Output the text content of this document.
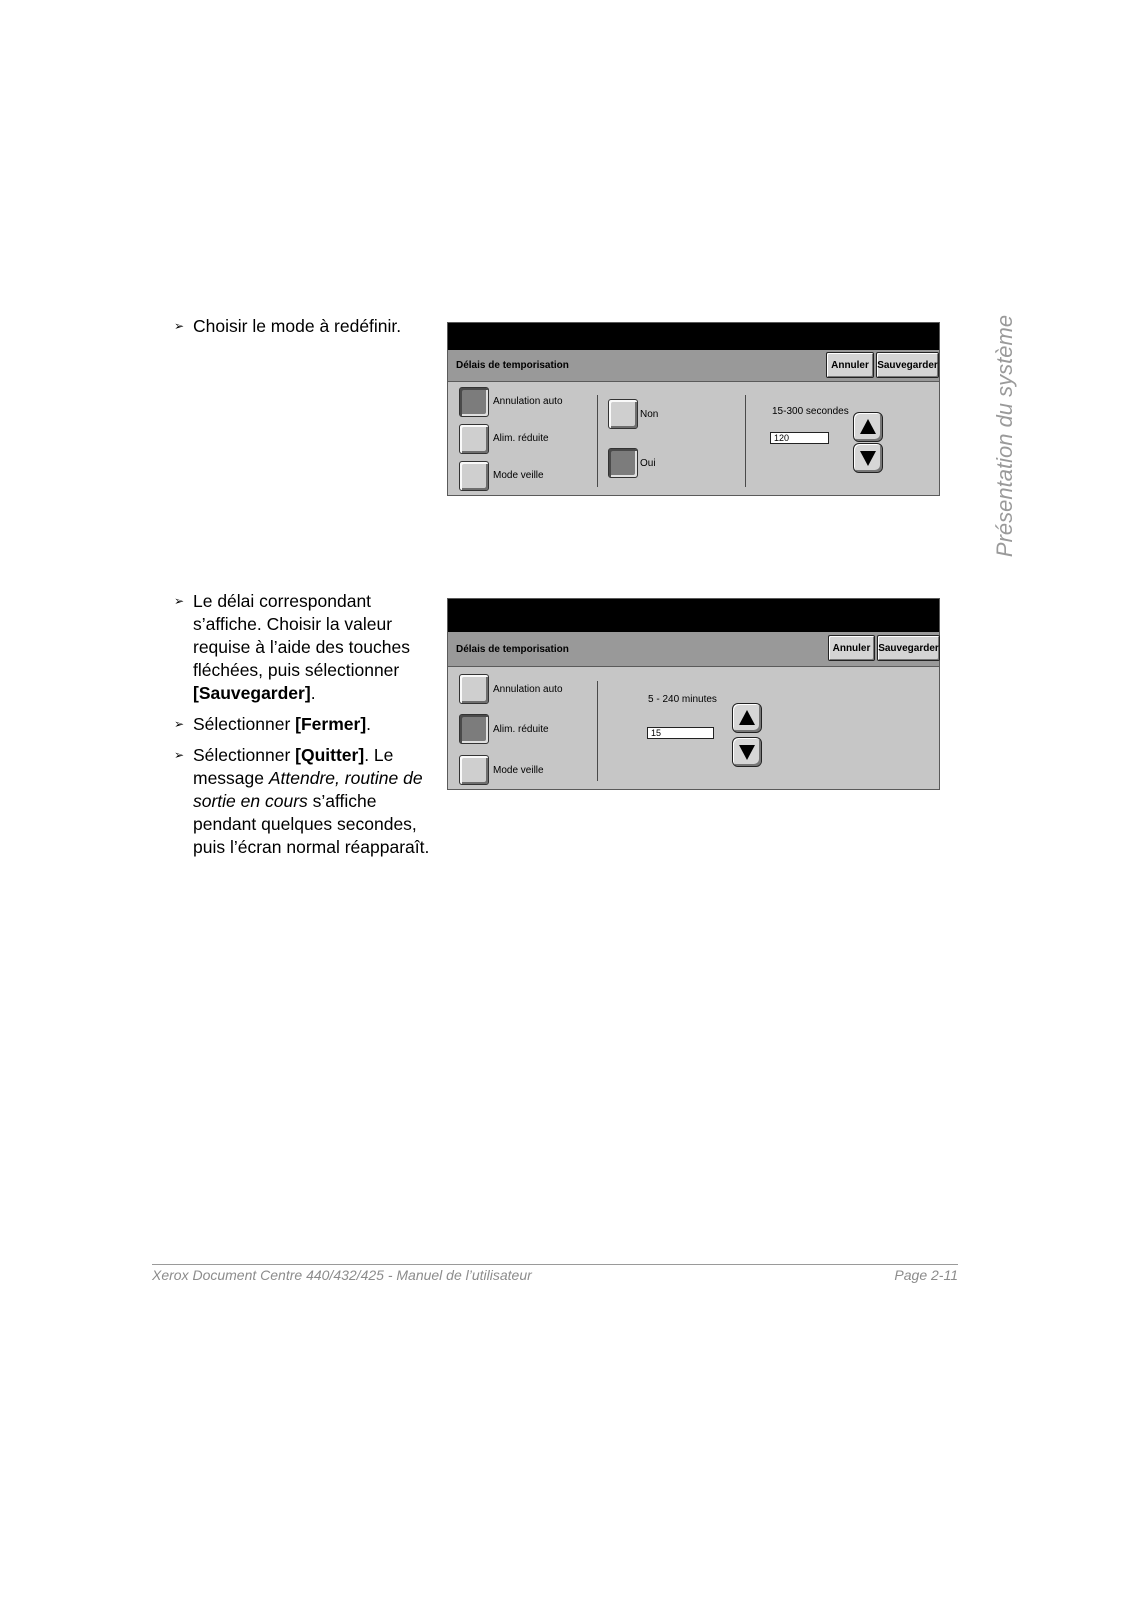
Présentation du système
➢ Choisir le mode à redéfinir.
Délais de temporisation	Annuler Sauvegarder
Annulation auto
Alim. réduite
Mode veille
Non
Oui
15-300 secondes
120
➢ Le délai correspondant s’affiche. Choisir la valeur requise à l’aide des touches fléchées, puis sélectionner [Sauvegarder].
➢ Sélectionner [Fermer].
➢ Sélectionner [Quitter]. Le message Attendre, routine de sortie en cours s’affiche pendant quelques secondes, puis l’écran normal réapparaît.
Délais de temporisation	Annuler Sauvegarder
Annulation auto
Alim. réduite
Mode veille
5 - 240 minutes
15
Xerox Document Centre 440/432/425 - Manuel de l’utilisateur	Page 2-11
